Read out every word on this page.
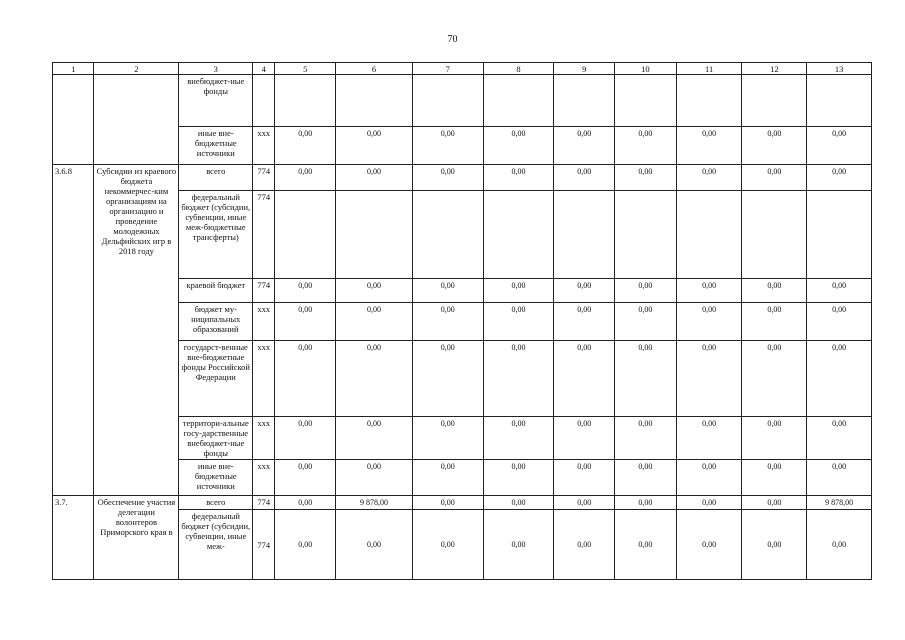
70
1	2	3	4	5	6	7	8	9	10	11	12	13
		внебюджет-ные фонды										
		иные вне-бюджетные источники	xxx	0,00	0,00	0,00	0,00	0,00	0,00	0,00	0,00	0,00
3.6.8	Субсидии из краевого бюджета некоммерчес-ким организациям на организацию и проведение молодежных Дельфийских игр в 2018 году	всего	774	0,00	0,00	0,00	0,00	0,00	0,00	0,00	0,00	0,00
		федеральный бюджет (субсидии, субвенции, иные меж-бюджетные трансферты)	774									
		краевой бюджет	774	0,00	0,00	0,00	0,00	0,00	0,00	0,00	0,00	0,00
		бюджет му-ниципальных образований	xxx	0,00	0,00	0,00	0,00	0,00	0,00	0,00	0,00	0,00
		государст-венные вне-бюджетные фонды Российской Федерации	xxx	0,00	0,00	0,00	0,00	0,00	0,00	0,00	0,00	0,00
		территори-альные госу-дарственные внебюджет-ные фонды	xxx	0,00	0,00	0,00	0,00	0,00	0,00	0,00	0,00	0,00
		иные вне-бюджетные источники	xxx	0,00	0,00	0,00	0,00	0,00	0,00	0,00	0,00	0,00
3.7.	Обеспечение участия делегации волонтеров Приморского края в	всего	774	0,00	9 878,00	0,00	0,00	0,00	0,00	0,00	0,00	9 878,00
		федеральный бюджет (субсидии, субвенции, иные меж-	774	0,00	0,00	0,00	0,00	0,00	0,00	0,00	0,00	0,00
